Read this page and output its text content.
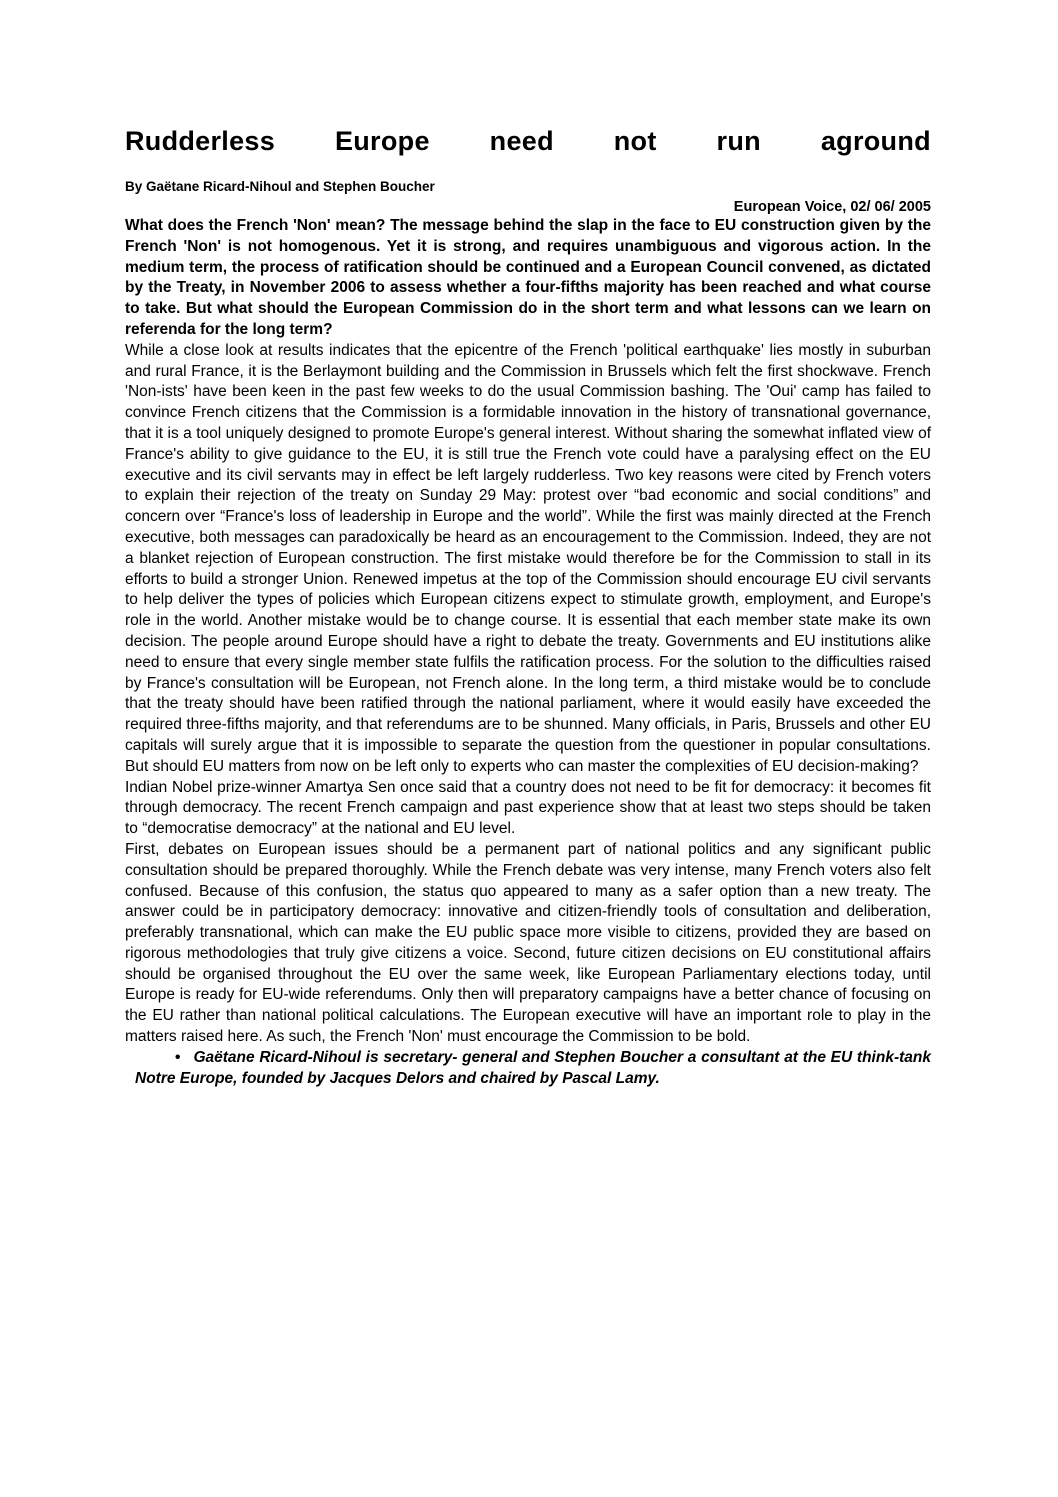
Rudderless Europe need not run aground

By Gaëtane Ricard-Nihoul and Stephen Boucher

European Voice, 02/ 06/ 2005

What does the French 'Non' mean? The message behind the slap in the face to EU construction given by the French 'Non' is not homogenous. Yet it is strong, and requires unambiguous and vigorous action. In the medium term, the process of ratification should be continued and a European Council convened, as dictated by the Treaty, in November 2006 to assess whether a four-fifths majority has been reached and what course to take. But what should the European Commission do in the short term and what lessons can we learn on referenda for the long term?

While a close look at results indicates that the epicentre of the French 'political earthquake' lies mostly in suburban and rural France, it is the Berlaymont building and the Commission in Brussels which felt the first shockwave. French 'Non-ists' have been keen in the past few weeks to do the usual Commission bashing. The 'Oui' camp has failed to convince French citizens that the Commission is a formidable innovation in the history of transnational governance, that it is a tool uniquely designed to promote Europe's general interest. Without sharing the somewhat inflated view of France's ability to give guidance to the EU, it is still true the French vote could have a paralysing effect on the EU executive and its civil servants may in effect be left largely rudderless. Two key reasons were cited by French voters to explain their rejection of the treaty on Sunday 29 May: protest over “bad economic and social conditions” and concern over “France's loss of leadership in Europe and the world”. While the first was mainly directed at the French executive, both messages can paradoxically be heard as an encouragement to the Commission. Indeed, they are not a blanket rejection of European construction. The first mistake would therefore be for the Commission to stall in its efforts to build a stronger Union. Renewed impetus at the top of the Commission should encourage EU civil servants to help deliver the types of policies which European citizens expect to stimulate growth, employment, and Europe's role in the world. Another mistake would be to change course. It is essential that each member state make its own decision. The people around Europe should have a right to debate the treaty. Governments and EU institutions alike need to ensure that every single member state fulfils the ratification process. For the solution to the difficulties raised by France's consultation will be European, not French alone. In the long term, a third mistake would be to conclude that the treaty should have been ratified through the national parliament, where it would easily have exceeded the required three-fifths majority, and that referendums are to be shunned. Many officials, in Paris, Brussels and other EU capitals will surely argue that it is impossible to separate the question from the questioner in popular consultations. But should EU matters from now on be left only to experts who can master the complexities of EU decision-making?

Indian Nobel prize-winner Amartya Sen once said that a country does not need to be fit for democracy: it becomes fit through democracy. The recent French campaign and past experience show that at least two steps should be taken to “democratise democracy” at the national and EU level.

First, debates on European issues should be a permanent part of national politics and any significant public consultation should be prepared thoroughly. While the French debate was very intense, many French voters also felt confused. Because of this confusion, the status quo appeared to many as a safer option than a new treaty. The answer could be in participatory democracy: innovative and citizen-friendly tools of consultation and deliberation, preferably transnational, which can make the EU public space more visible to citizens, provided they are based on rigorous methodologies that truly give citizens a voice. Second, future citizen decisions on EU constitutional affairs should be organised throughout the EU over the same week, like European Parliamentary elections today, until Europe is ready for EU-wide referendums. Only then will preparatory campaigns have a better chance of focusing on the EU rather than national political calculations. The European executive will have an important role to play in the matters raised here. As such, the French 'Non' must encourage the Commission to be bold.

• Gaëtane Ricard-Nihoul is secretary- general and Stephen Boucher a consultant at the EU think-tank Notre Europe, founded by Jacques Delors and chaired by Pascal Lamy.
